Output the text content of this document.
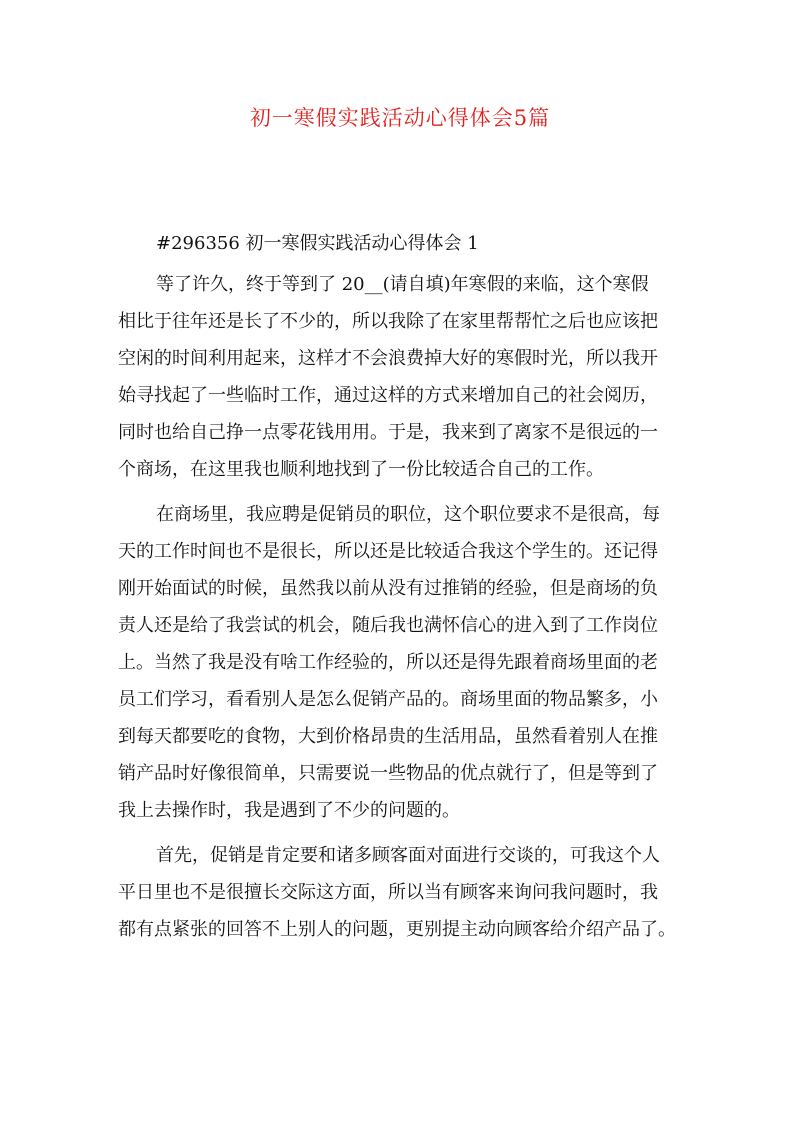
初一寒假实践活动心得体会5篇
#296356 初一寒假实践活动心得体会 1

等了许久，终于等到了 20__(请自填)年寒假的来临，这个寒假
相比于往年还是长了不少的，所以我除了在家里帮帮忙之后也应该把
空闲的时间利用起来，这样才不会浪费掉大好的寒假时光，所以我开
始寻找起了一些临时工作，通过这样的方式来增加自己的社会阅历，
同时也给自己挣一点零花钱用用。于是，我来到了离家不是很远的一
个商场，在这里我也顺利地找到了一份比较适合自己的工作。

在商场里，我应聘是促销员的职位，这个职位要求不是很高，每
天的工作时间也不是很长，所以还是比较适合我这个学生的。还记得
刚开始面试的时候，虽然我以前从没有过推销的经验，但是商场的负
责人还是给了我尝试的机会，随后我也满怀信心的进入到了工作岗位
上。当然了我是没有啥工作经验的，所以还是得先跟着商场里面的老
员工们学习，看看别人是怎么促销产品的。商场里面的物品繁多，小
到每天都要吃的食物，大到价格昂贵的生活用品，虽然看着别人在推
销产品时好像很简单，只需要说一些物品的优点就行了，但是等到了
我上去操作时，我是遇到了不少的问题的。

首先，促销是肯定要和诸多顾客面对面进行交谈的，可我这个人
平日里也不是很擅长交际这方面，所以当有顾客来询问我问题时，我
都有点紧张的回答不上别人的问题，更别提主动向顾客给介绍产品了。
